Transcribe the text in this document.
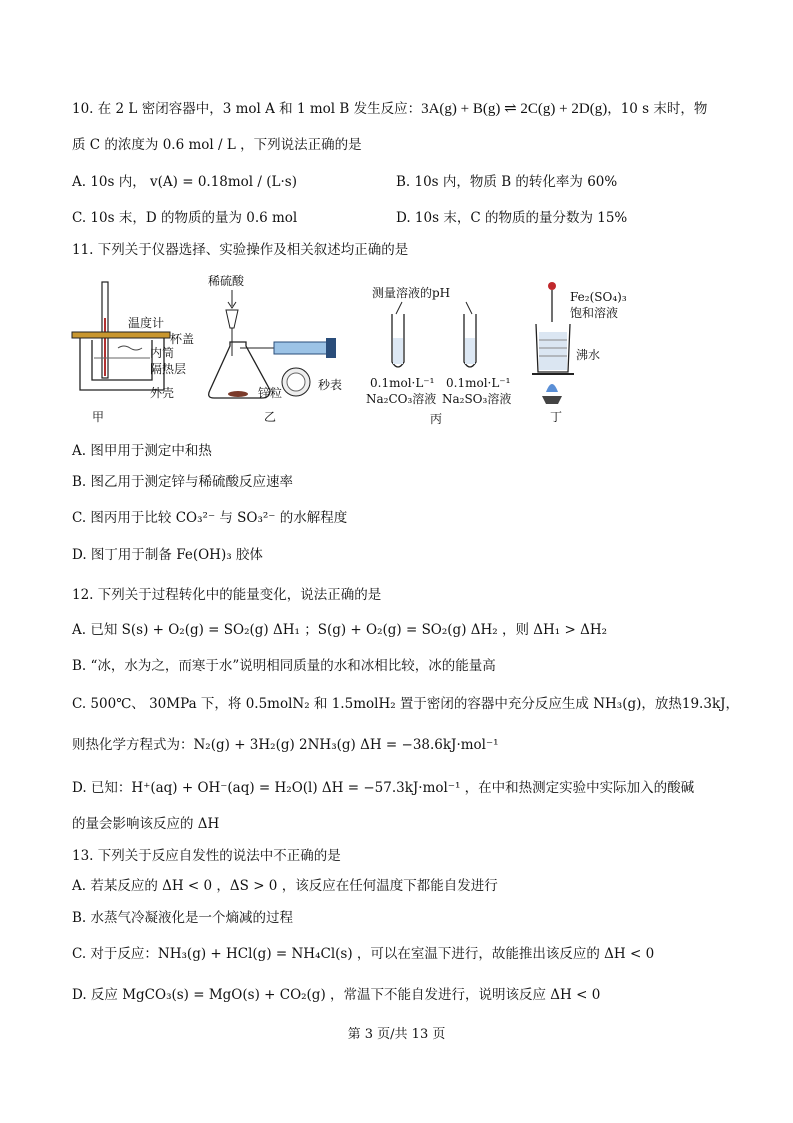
10. 在 2 L 密闭容器中，3 mol A 和 1 mol B 发生反应：3A(g) + B(g) ⇌ 2C(g) + 2D(g)，10 s 末时，物
质 C 的浓度为 0.6 mol / L ，下列说法正确的是
A. 10s 内， v(A) = 0.18mol / (L·s)	B. 10s 内，物质 B 的转化率为 60%
C. 10s 末，D 的物质的量为 0.6 mol	D. 10s 末，C 的物质的量分数为 15%
11. 下列关于仪器选择、实验操作及相关叙述均正确的是
温度计
杯盖
内筒
隔热层
外壳
甲
稀硫酸
秒表
锌粒
乙
测量溶液的pH
0.1mol·L⁻¹
Na₂CO₃溶液
0.1mol·L⁻¹
Na₂SO₃溶液
丙
Fe₂(SO₄)₃
饱和溶液
沸水
丁
A. 图甲用于测定中和热
B. 图乙用于测定锌与稀硫酸反应速率
C. 图丙用于比较 CO₃²⁻ 与 SO₃²⁻ 的水解程度
D. 图丁用于制备 Fe(OH)₃ 胶体
12. 下列关于过程转化中的能量变化，说法正确的是
A. 已知 S(s) + O₂(g) = SO₂(g) ΔH₁ ；S(g) + O₂(g) = SO₂(g) ΔH₂ ，则 ΔH₁ > ΔH₂
B. “冰，水为之，而寒于水”说明相同质量的水和冰相比较，冰的能量高
C. 500℃、 30MPa 下，将 0.5molN₂ 和 1.5molH₂ 置于密闭的容器中充分反应生成 NH₃(g)，放热19.3kJ，
则热化学方程式为：N₂(g) + 3H₂(g) 2NH₃(g) ΔH = −38.6kJ·mol⁻¹
D. 已知：H⁺(aq) + OH⁻(aq) = H₂O(l) ΔH = −57.3kJ·mol⁻¹ ，在中和热测定实验中实际加入的酸碱
的量会影响该反应的 ΔH
13. 下列关于反应自发性的说法中不正确的是
A. 若某反应的 ΔH < 0 ，ΔS > 0 ，该反应在任何温度下都能自发进行
B. 水蒸气冷凝液化是一个熵减的过程
C. 对于反应：NH₃(g) + HCl(g) = NH₄Cl(s) ，可以在室温下进行，故能推出该反应的 ΔH < 0
D. 反应 MgCO₃(s) = MgO(s) + CO₂(g) ，常温下不能自发进行，说明该反应 ΔH < 0
第 3 页/共 13 页
